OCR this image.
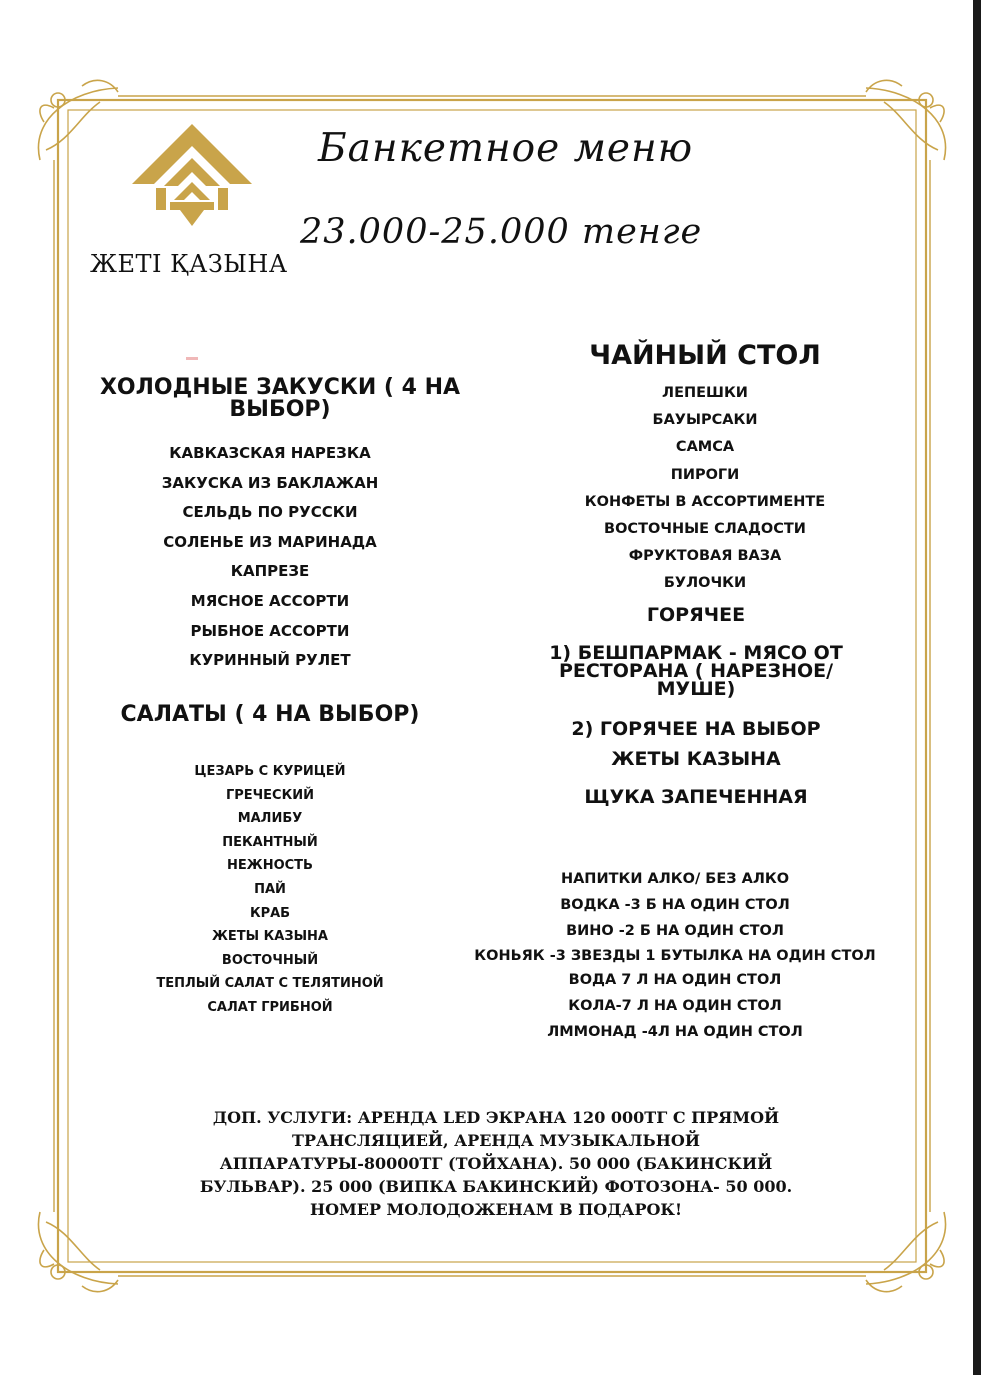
ЖЕТІ ҚАЗЫНА
Банкетное меню
23.000-25.000 тенге
ХОЛОДНЫЕ ЗАКУСКИ ( 4 НА ВЫБОР)
КАВКАЗСКАЯ НАРЕЗКА
ЗАКУСКА ИЗ БАКЛАЖАН
СЕЛЬДЬ ПО РУССКИ
СОЛЕНЬЕ ИЗ МАРИНАДА
КАПРЕЗЕ
МЯСНОЕ АССОРТИ
РЫБНОЕ АССОРТИ
КУРИННЫЙ РУЛЕТ
САЛАТЫ ( 4 НА ВЫБОР)
ЦЕЗАРЬ С КУРИЦЕЙ
ГРЕЧЕСКИЙ
МАЛИБУ
ПЕКАНТНЫЙ
НЕЖНОСТЬ
ПАЙ
КРАБ
ЖЕТЫ КАЗЫНА
ВОСТОЧНЫЙ
ТЕПЛЫЙ САЛАТ С ТЕЛЯТИНОЙ
САЛАТ ГРИБНОЙ
ЧАЙНЫЙ СТОЛ
ЛЕПЕШКИ
БАУЫРСАКИ
САМСА
ПИРОГИ
КОНФЕТЫ В АССОРТИМЕНТЕ
ВОСТОЧНЫЕ СЛАДОСТИ
ФРУКТОВАЯ ВАЗА
БУЛОЧКИ
ГОРЯЧЕЕ
1) БЕШПАРМАК - МЯСО ОТ РЕСТОРАНА ( НАРЕЗНОЕ/ МУШЕ)
2) ГОРЯЧЕЕ НА ВЫБОР
ЖЕТЫ КАЗЫНА
ЩУКА ЗАПЕЧЕННАЯ
НАПИТКИ АЛКО/ БЕЗ АЛКО
ВОДКА -3 Б НА ОДИН СТОЛ
ВИНО -2 Б НА ОДИН СТОЛ
КОНЬЯК -3 ЗВЕЗДЫ 1 БУТЫЛКА НА ОДИН СТОЛ
ВОДА 7 Л НА ОДИН СТОЛ
КОЛА-7 Л НА ОДИН СТОЛ
ЛММОНАД -4Л НА ОДИН СТОЛ
ДОП. УСЛУГИ: АРЕНДА LED ЭКРАНА 120 000ТГ С ПРЯМОЙ ТРАНСЛЯЦИЕЙ, АРЕНДА МУЗЫКАЛЬНОЙ АППАРАТУРЫ-80000ТГ (ТОЙХАНА). 50 000 (БАКИНСКИЙ БУЛЬВАР). 25 000 (ВИПКА БАКИНСКИЙ) ФОТОЗОНА- 50 000. НОМЕР МОЛОДОЖЕНАМ В ПОДАРОК!
